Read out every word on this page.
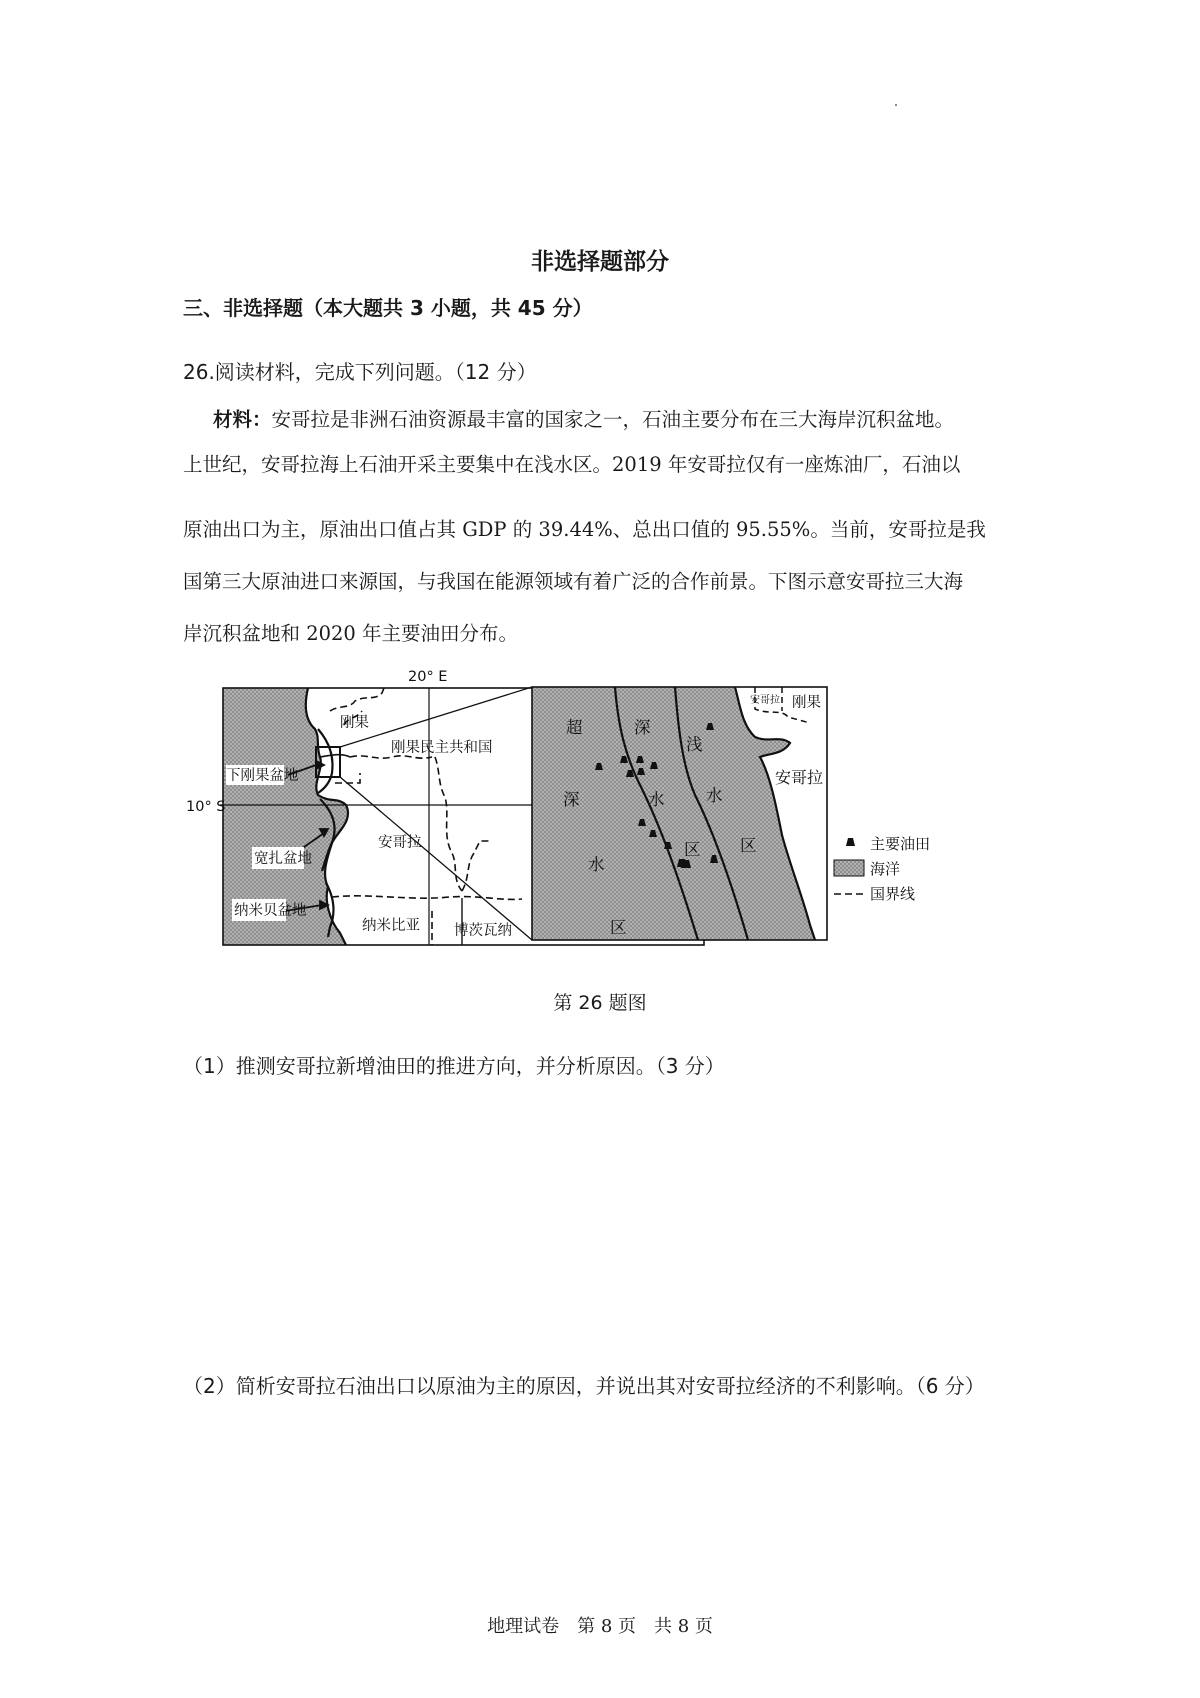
非选择题部分
三、非选择题（本大题共 3 小题，共 45 分）
26.阅读材料，完成下列问题。（12 分）
材料：安哥拉是非洲石油资源最丰富的国家之一，石油主要分布在三大海岸沉积盆地。
上世纪，安哥拉海上石油开采主要集中在浅水区。2019 年安哥拉仅有一座炼油厂，石油以
原油出口为主，原油出口值占其 GDP 的 39.44%、总出口值的 95.55%。当前，安哥拉是我
国第三大原油进口来源国，与我国在能源领域有着广泛的合作前景。下图示意安哥拉三大海
岸沉积盆地和 2020 年主要油田分布。
20° E
10° S
刚果
刚果民主共和国
下刚果盆地
宽扎盆地
安哥拉
纳米贝盆地
纳米比亚 博茨瓦纳
安哥拉 刚果
安哥拉
超
深
水
区
深
水
区
浅
水
区	主要油田
海洋
国界线
第 26 题图
（1）推测安哥拉新增油田的推进方向，并分析原因。（3 分）
（2）简析安哥拉石油出口以原油为主的原因，并说出其对安哥拉经济的不利影响。（6 分）
地理试卷　第 8 页　共 8 页
